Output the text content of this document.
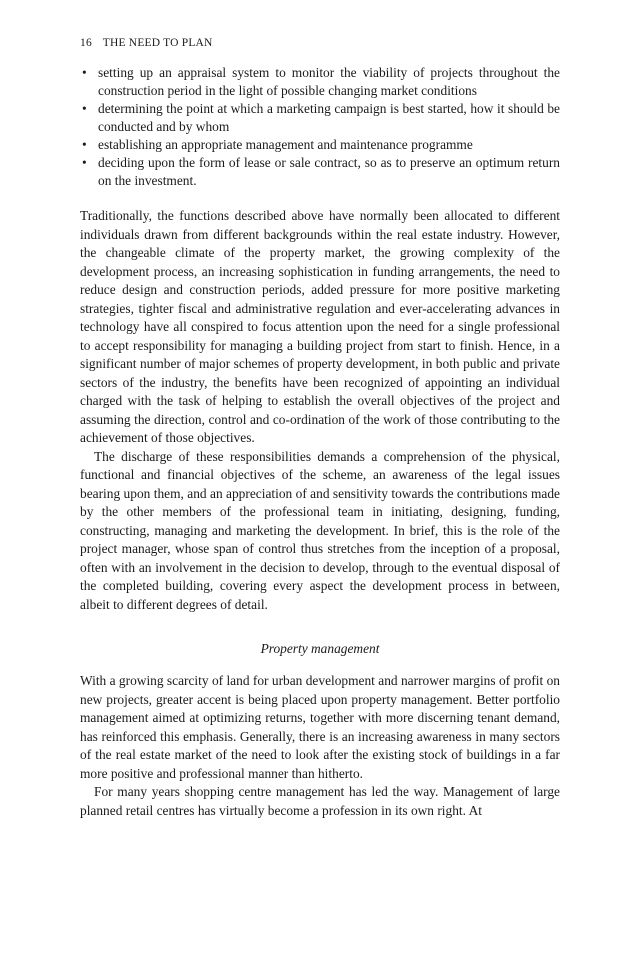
16 THE NEED TO PLAN
• setting up an appraisal system to monitor the viability of projects throughout the construction period in the light of possible changing market conditions
• determining the point at which a marketing campaign is best started, how it should be conducted and by whom
• establishing an appropriate management and maintenance programme
• deciding upon the form of lease or sale contract, so as to preserve an optimum return on the investment.

Traditionally, the functions described above have normally been allocated to different individuals drawn from different backgrounds within the real estate industry. However, the changeable climate of the property market, the growing complexity of the development process, an increasing sophistication in funding arrangements, the need to reduce design and construction periods, added pressure for more positive marketing strategies, tighter fiscal and administrative regulation and ever-accelerating advances in technology have all conspired to focus attention upon the need for a single professional to accept responsibility for managing a building project from start to finish. Hence, in a significant number of major schemes of property development, in both public and private sectors of the industry, the benefits have been recognized of appointing an individual charged with the task of helping to establish the overall objectives of the project and assuming the direction, control and co-ordination of the work of those contributing to the achievement of those objectives.

The discharge of these responsibilities demands a comprehension of the physical, functional and financial objectives of the scheme, an awareness of the legal issues bearing upon them, and an appreciation of and sensitivity towards the contributions made by the other members of the professional team in initiating, designing, funding, constructing, managing and marketing the development. In brief, this is the role of the project manager, whose span of control thus stretches from the inception of a proposal, often with an involvement in the decision to develop, through to the eventual disposal of the completed building, covering every aspect the development process in between, albeit to different degrees of detail.

Property management

With a growing scarcity of land for urban development and narrower margins of profit on new projects, greater accent is being placed upon property management. Better portfolio management aimed at optimizing returns, together with more discerning tenant demand, has reinforced this emphasis. Generally, there is an increasing awareness in many sectors of the real estate market of the need to look after the existing stock of buildings in a far more positive and professional manner than hitherto.

For many years shopping centre management has led the way. Management of large planned retail centres has virtually become a profession in its own right. At
